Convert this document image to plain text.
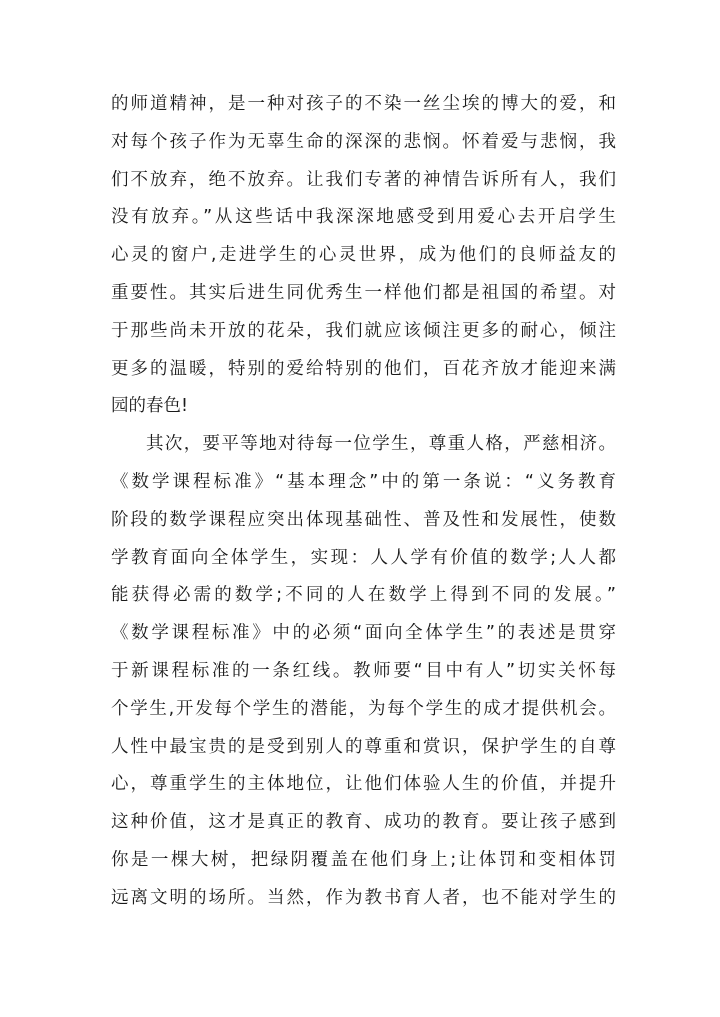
的师道精神，是一种对孩子的不染一丝尘埃的博大的爱，和
对每个孩子作为无辜生命的深深的悲悯。怀着爱与悲悯，我
们不放弃，绝不放弃。让我们专著的神情告诉所有人，我们
没有放弃。”从这些话中我深深地感受到用爱心去开启学生
心灵的窗户,走进学生的心灵世界，成为他们的良师益友的
重要性。其实后进生同优秀生一样他们都是祖国的希望。对
于那些尚未开放的花朵，我们就应该倾注更多的耐心，倾注
更多的温暖，特别的爱给特别的他们，百花齐放才能迎来满
园的春色!
其次，要平等地对待每一位学生，尊重人格，严慈相济。
《数学课程标准》“基本理念”中的第一条说：“义务教育
阶段的数学课程应突出体现基础性、普及性和发展性，使数
学教育面向全体学生，实现：人人学有价值的数学;人人都
能获得必需的数学;不同的人在数学上得到不同的发展。”
《数学课程标准》中的必须“面向全体学生”的表述是贯穿
于新课程标准的一条红线。教师要“目中有人”切实关怀每
个学生,开发每个学生的潜能，为每个学生的成才提供机会。
人性中最宝贵的是受到别人的尊重和赏识，保护学生的自尊
心，尊重学生的主体地位，让他们体验人生的价值，并提升
这种价值，这才是真正的教育、成功的教育。要让孩子感到
你是一棵大树，把绿阴覆盖在他们身上;让体罚和变相体罚
远离文明的场所。当然，作为教书育人者，也不能对学生的
